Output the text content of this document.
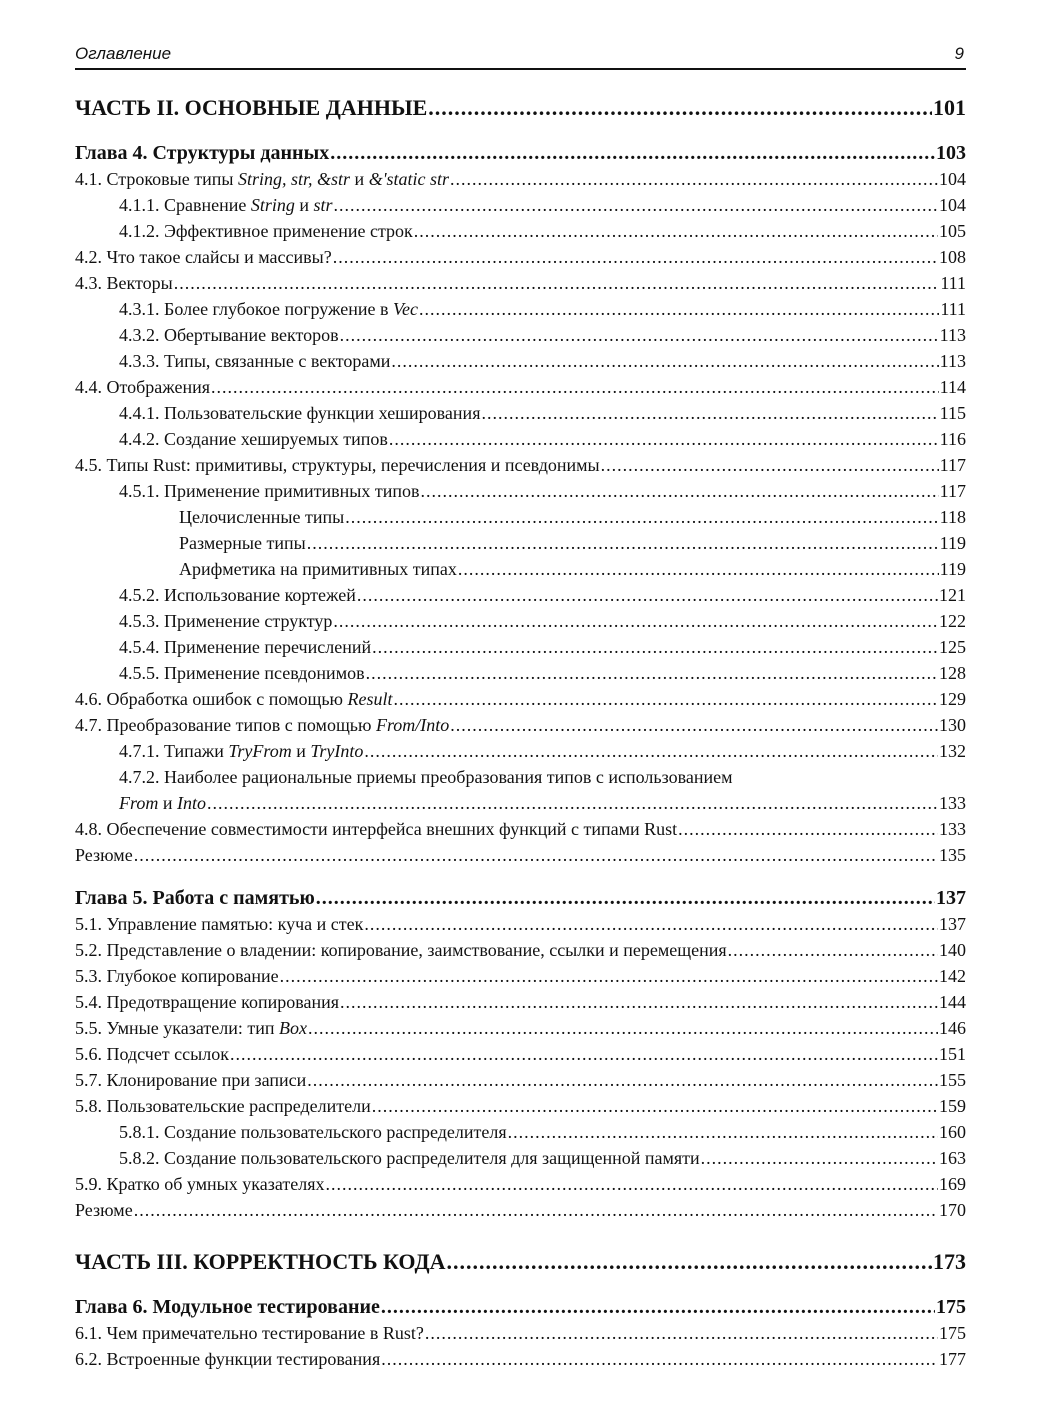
Оглавление	9
ЧАСТЬ II. ОСНОВНЫЕ ДАННЫЕ .....	101
Глава 4. Структуры данных .....	103
4.1. Строковые типы String, str, &str и &'static str .....	104
4.1.1. Сравнение String и str .....	104
4.1.2. Эффективное применение строк .....	105
4.2. Что такое слайсы и массивы? .....	108
4.3. Векторы .....	111
4.3.1. Более глубокое погружение в Vec .....	111
4.3.2. Обертывание векторов .....	113
4.3.3. Типы, связанные с векторами .....	113
4.4. Отображения .....	114
4.4.1. Пользовательские функции хеширования .....	115
4.4.2. Создание хешируемых типов .....	116
4.5. Типы Rust: примитивы, структуры, перечисления и псевдонимы .....	117
4.5.1. Применение примитивных типов .....	117
Целочисленные типы .....	118
Размерные типы .....	119
Арифметика на примитивных типах .....	119
4.5.2. Использование кортежей .....	121
4.5.3. Применение структур .....	122
4.5.4. Применение перечислений .....	125
4.5.5. Применение псевдонимов .....	128
4.6. Обработка ошибок с помощью Result .....	129
4.7. Преобразование типов с помощью From/Into .....	130
4.7.1. Типажи TryFrom и TryInto .....	132
4.7.2. Наиболее рациональные приемы преобразования типов с использованием
From и Into .....	133
4.8. Обеспечение совместимости интерфейса внешних функций с типами Rust .....	133
Резюме .....	135
Глава 5. Работа с памятью .....	137
5.1. Управление памятью: куча и стек .....	137
5.2. Представление о владении: копирование, заимствование, ссылки и перемещения .....	140
5.3. Глубокое копирование .....	142
5.4. Предотвращение копирования .....	144
5.5. Умные указатели: тип Box .....	146
5.6. Подсчет ссылок .....	151
5.7. Клонирование при записи .....	155
5.8. Пользовательские распределители .....	159
5.8.1. Создание пользовательского распределителя .....	160
5.8.2. Создание пользовательского распределителя для защищенной памяти .....	163
5.9. Кратко об умных указателях .....	169
Резюме .....	170
ЧАСТЬ III. КОРРЕКТНОСТЬ КОДА .....	173
Глава 6. Модульное тестирование .....	175
6.1. Чем примечательно тестирование в Rust? .....	175
6.2. Встроенные функции тестирования .....	177
